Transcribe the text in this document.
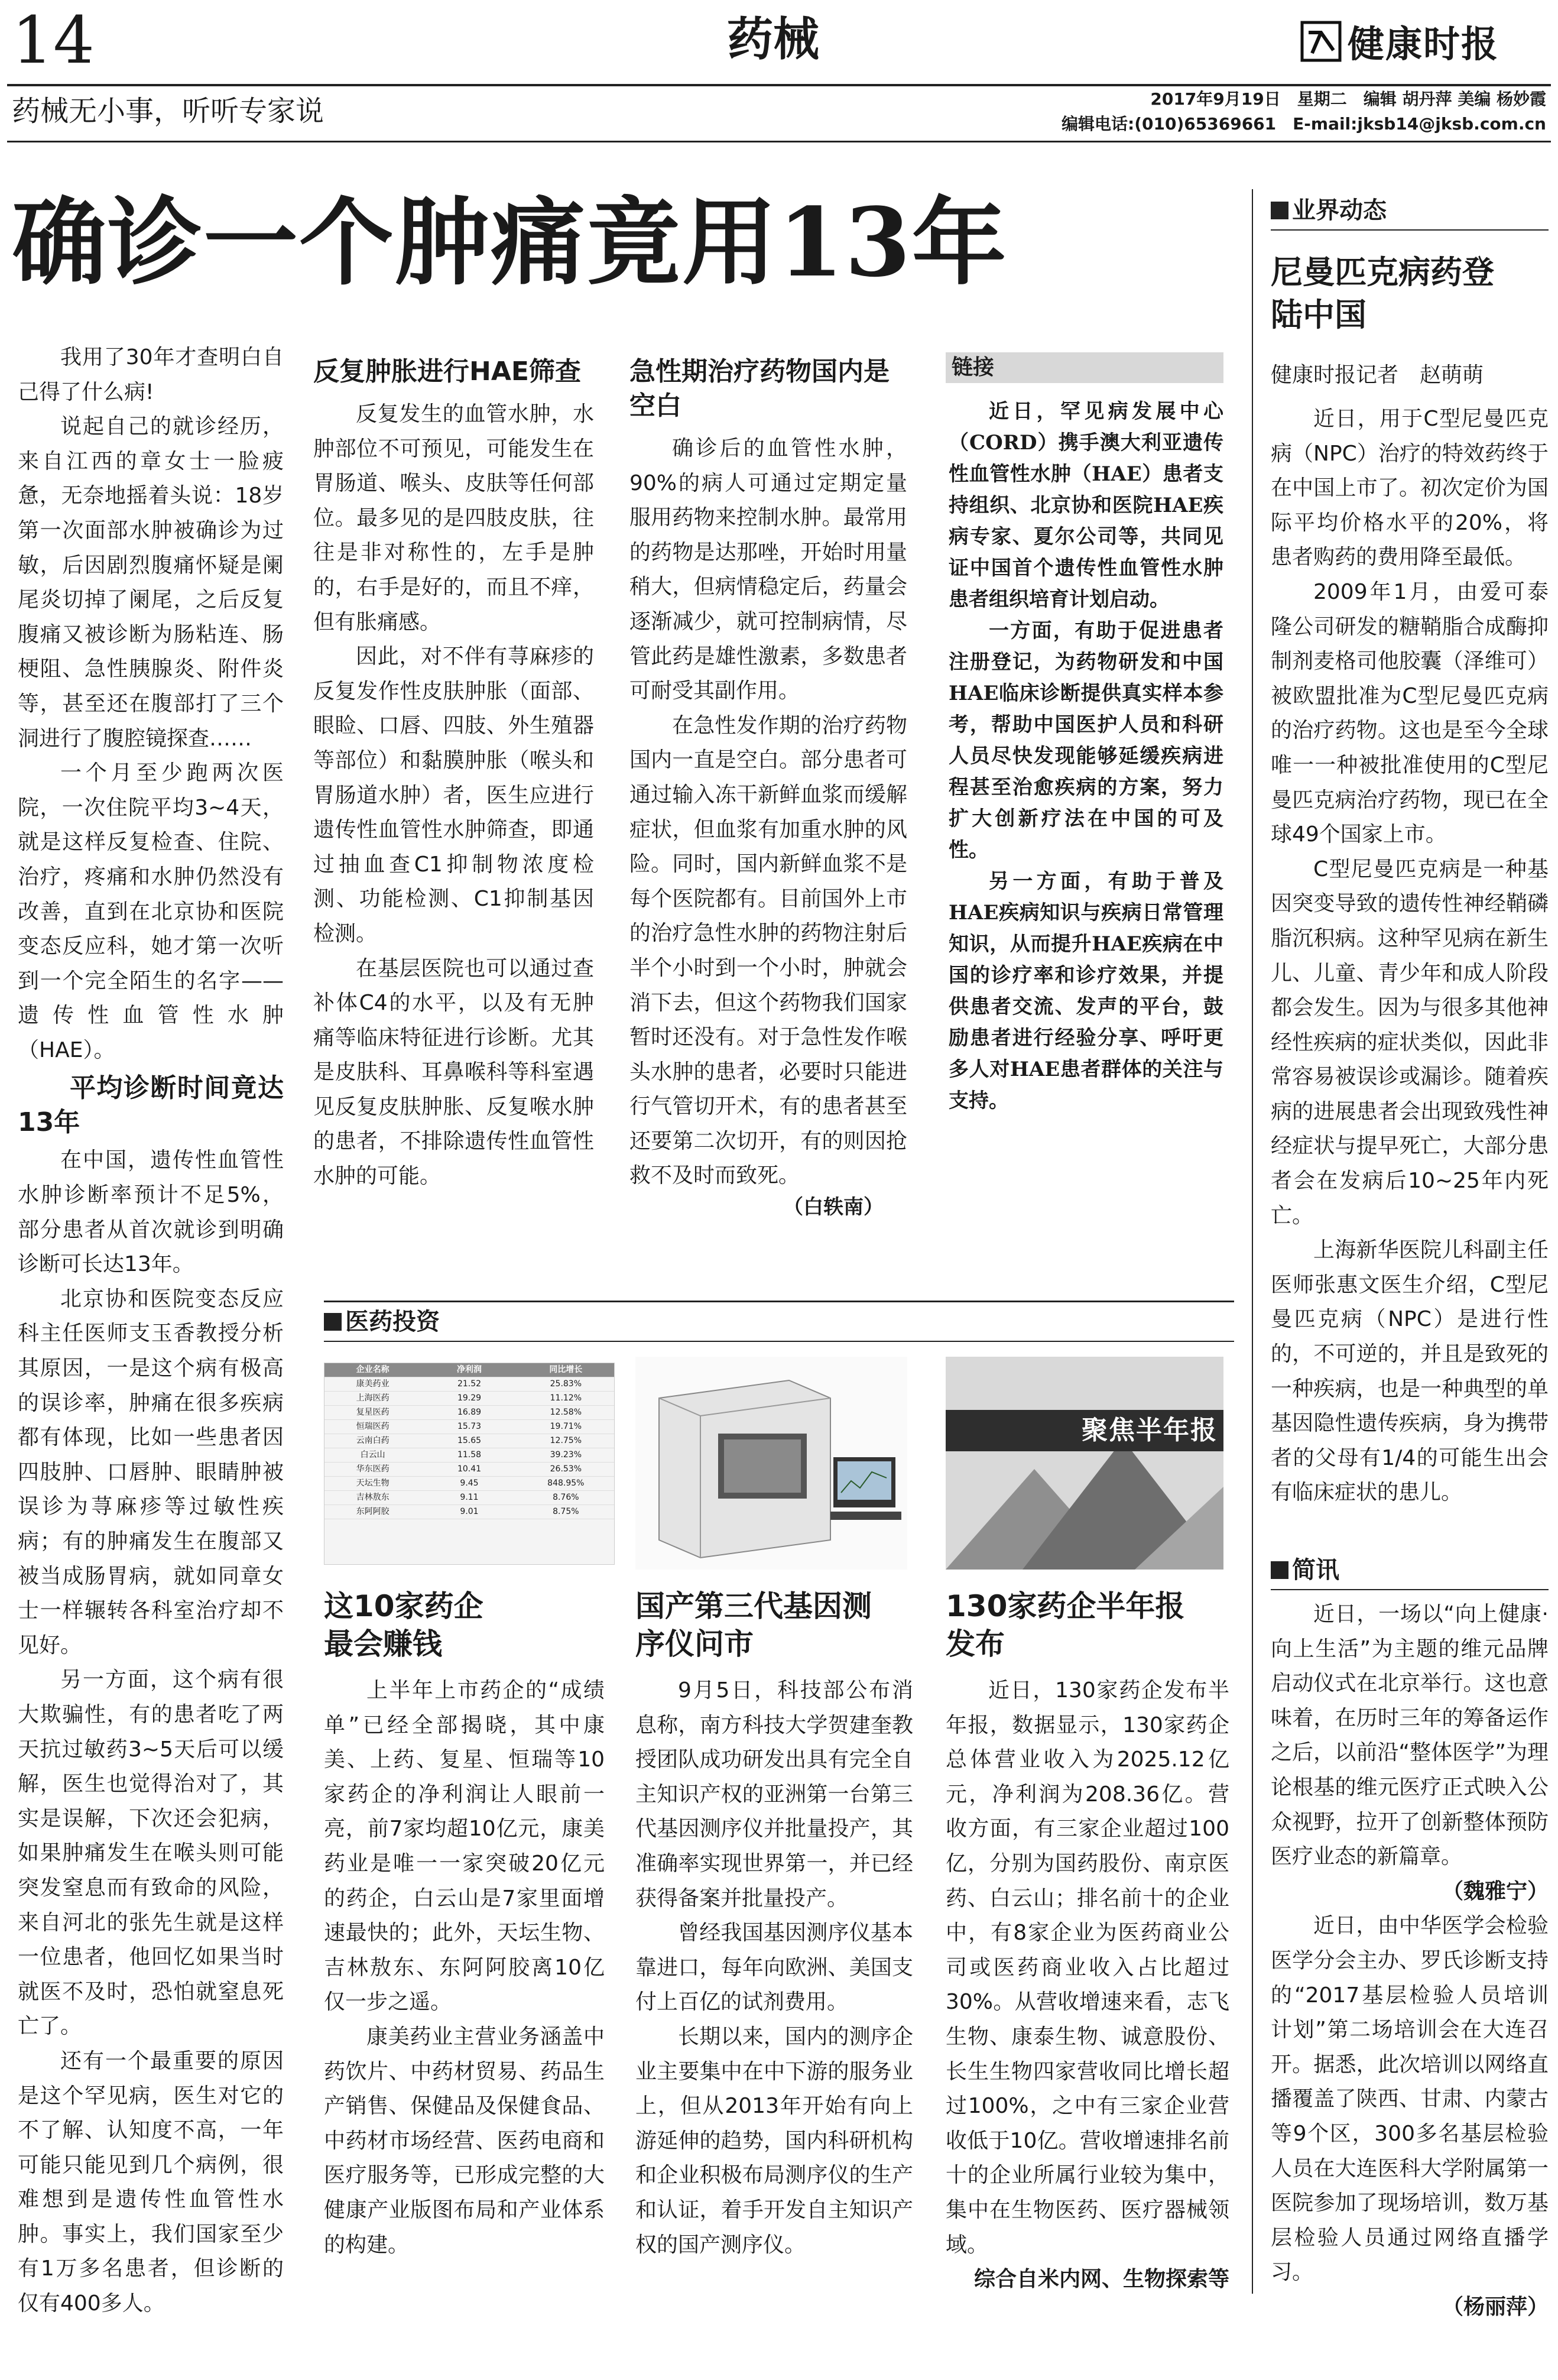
14	药械	健康时报
药械无小事，听听专家说	2017年9月19日　星期二　编辑 胡丹萍 美编 杨妙霞
编辑电话:(010)65369661　E-mail:jksb14@jksb.com.cn
确诊一个肿痛竟用13年

我用了30年才查明白自己得了什么病!

说起自己的就诊经历，来自江西的章女士一脸疲惫，无奈地摇着头说：18岁第一次面部水肿被确诊为过敏，后因剧烈腹痛怀疑是阑尾炎切掉了阑尾，之后反复腹痛又被诊断为肠粘连、肠梗阻、急性胰腺炎、附件炎等，甚至还在腹部打了三个洞进行了腹腔镜探查……

一个月至少跑两次医院，一次住院平均3~4天，就是这样反复检查、住院、治疗，疼痛和水肿仍然没有改善，直到在北京协和医院变态反应科，她才第一次听到一个完全陌生的名字——遗传性血管性水肿（HAE）。

平均诊断时间竟达13年

在中国，遗传性血管性水肿诊断率预计不足5%，部分患者从首次就诊到明确诊断可长达13年。

北京协和医院变态反应科主任医师支玉香教授分析其原因，一是这个病有极高的误诊率，肿痛在很多疾病都有体现，比如一些患者因四肢肿、口唇肿、眼睛肿被误诊为荨麻疹等过敏性疾病；有的肿痛发生在腹部又被当成肠胃病，就如同章女士一样辗转各科室治疗却不见好。

另一方面，这个病有很大欺骗性，有的患者吃了两天抗过敏药3~5天后可以缓解，医生也觉得治对了，其实是误解，下次还会犯病，如果肿痛发生在喉头则可能突发窒息而有致命的风险，来自河北的张先生就是这样一位患者，他回忆如果当时就医不及时，恐怕就窒息死亡了。

还有一个最重要的原因是这个罕见病，医生对它的不了解、认知度不高，一年可能只能见到几个病例，很难想到是遗传性血管性水肿。事实上，我们国家至少有1万多名患者，但诊断的仅有400多人。

反复肿胀进行HAE筛查

反复发生的血管水肿，水肿部位不可预见，可能发生在胃肠道、喉头、皮肤等任何部位。最多见的是四肢皮肤，往往是非对称性的，左手是肿的，右手是好的，而且不痒，但有胀痛感。

因此，对不伴有荨麻疹的反复发作性皮肤肿胀（面部、眼睑、口唇、四肢、外生殖器等部位）和黏膜肿胀（喉头和胃肠道水肿）者，医生应进行遗传性血管性水肿筛查，即通过抽血查C1抑制物浓度检测、功能检测、C1抑制基因检测。

在基层医院也可以通过查补体C4的水平，以及有无肿痛等临床特征进行诊断。尤其是皮肤科、耳鼻喉科等科室遇见反复皮肤肿胀、反复喉水肿的患者，不排除遗传性血管性水肿的可能。

急性期治疗药物国内是空白

确诊后的血管性水肿，90%的病人可通过定期定量服用药物来控制水肿。最常用的药物是达那唑，开始时用量稍大，但病情稳定后，药量会逐渐减少，就可控制病情，尽管此药是雄性激素，多数患者可耐受其副作用。

在急性发作期的治疗药物国内一直是空白。部分患者可通过输入冻干新鲜血浆而缓解症状，但血浆有加重水肿的风险。同时，国内新鲜血浆不是每个医院都有。目前国外上市的治疗急性水肿的药物注射后半个小时到一个小时，肿就会消下去，但这个药物我们国家暂时还没有。对于急性发作喉头水肿的患者，必要时只能进行气管切开术，有的患者甚至还要第二次切开，有的则因抢救不及时而致死。

（白轶南）
链接

近日，罕见病发展中心（CORD）携手澳大利亚遗传性血管性水肿（HAE）患者支持组织、北京协和医院HAE疾病专家、夏尔公司等，共同见证中国首个遗传性血管性水肿患者组织培育计划启动。

一方面，有助于促进患者注册登记，为药物研发和中国HAE临床诊断提供真实样本参考，帮助中国医护人员和科研人员尽快发现能够延缓疾病进程甚至治愈疾病的方案，努力扩大创新疗法在中国的可及性。

另一方面，有助于普及HAE疾病知识与疾病日常管理知识，从而提升HAE疾病在中国的诊疗率和诊疗效果，并提供患者交流、发声的平台，鼓励患者进行经验分享、呼吁更多人对HAE患者群体的关注与支持。

业界动态
尼曼匹克病药登陆中国
健康时报记者　赵萌萌

近日，用于C型尼曼匹克病（NPC）治疗的特效药终于在中国上市了。初次定价为国际平均价格水平的20%，将患者购药的费用降至最低。

2009年1月，由爱可泰隆公司研发的糖鞘脂合成酶抑制剂麦格司他胶囊（泽维可）被欧盟批准为C型尼曼匹克病的治疗药物。这也是至今全球唯一一种被批准使用的C型尼曼匹克病治疗药物，现已在全球49个国家上市。

C型尼曼匹克病是一种基因突变导致的遗传性神经鞘磷脂沉积病。这种罕见病在新生儿、儿童、青少年和成人阶段都会发生。因为与很多其他神经性疾病的症状类似，因此非常容易被误诊或漏诊。随着疾病的进展患者会出现致残性神经症状与提早死亡，大部分患者会在发病后10~25年内死亡。

上海新华医院儿科副主任医师张惠文医生介绍，C型尼曼匹克病（NPC）是进行性的，不可逆的，并且是致死的一种疾病，也是一种典型的单基因隐性遗传疾病，身为携带者的父母有1/4的可能生出会有临床症状的患儿。

简讯

近日，一场以“向上健康·向上生活”为主题的维元品牌启动仪式在北京举行。这也意味着，在历时三年的筹备运作之后，以前沿“整体医学”为理论根基的维元医疗正式映入公众视野，拉开了创新整体预防医疗业态的新篇章。

（魏雅宁）

近日，由中华医学会检验医学分会主办、罗氏诊断支持的“2017基层检验人员培训计划”第二场培训会在大连召开。据悉，此次培训以网络直播覆盖了陕西、甘肃、内蒙古等9个区，300多名基层检验人员在大连医科大学附属第一医院参加了现场培训，数万基层检验人员通过网络直播学习。

（杨丽萍）
医药投资
企业名称	净利润	同比增长
康美药业	21.52	25.83%
上海医药	19.29	11.12%
复星医药	16.89	12.58%
恒瑞医药	15.73	19.71%
云南白药	15.65	12.75%
白云山	11.58	39.23%
华东医药	10.41	26.53%
天坛生物	9.45	848.95%
吉林敖东	9.11	8.76%
东阿阿胶	9.01	8.75%
聚焦半年报
这10家药企最会赚钱

上半年上市药企的“成绩单”已经全部揭晓，其中康美、上药、复星、恒瑞等10家药企的净利润让人眼前一亮，前7家均超10亿元，康美药业是唯一一家突破20亿元的药企，白云山是7家里面增速最快的；此外，天坛生物、吉林敖东、东阿阿胶离10亿仅一步之遥。

康美药业主营业务涵盖中药饮片、中药材贸易、药品生产销售、保健品及保健食品、中药材市场经营、医药电商和医疗服务等，已形成完整的大健康产业版图布局和产业体系的构建。

国产第三代基因测序仪问市

9月5日，科技部公布消息称，南方科技大学贺建奎教授团队成功研发出具有完全自主知识产权的亚洲第一台第三代基因测序仪并批量投产，其准确率实现世界第一，并已经获得备案并批量投产。

曾经我国基因测序仪基本靠进口，每年向欧洲、美国支付上百亿的试剂费用。

长期以来，国内的测序企业主要集中在中下游的服务业上，但从2013年开始有向上游延伸的趋势，国内科研机构和企业积极布局测序仪的生产和认证，着手开发自主知识产权的国产测序仪。

130家药企半年报发布

近日，130家药企发布半年报，数据显示，130家药企总体营业收入为2025.12亿元，净利润为208.36亿。营收方面，有三家企业超过100亿，分别为国药股份、南京医药、白云山；排名前十的企业中，有8家企业为医药商业公司或医药商业收入占比超过30%。从营收增速来看，志飞生物、康泰生物、诚意股份、长生生物四家营收同比增长超过100%，之中有三家企业营收低于10亿。营收增速排名前十的企业所属行业较为集中，集中在生物医药、医疗器械领域。

综合自米内网、生物探索等
